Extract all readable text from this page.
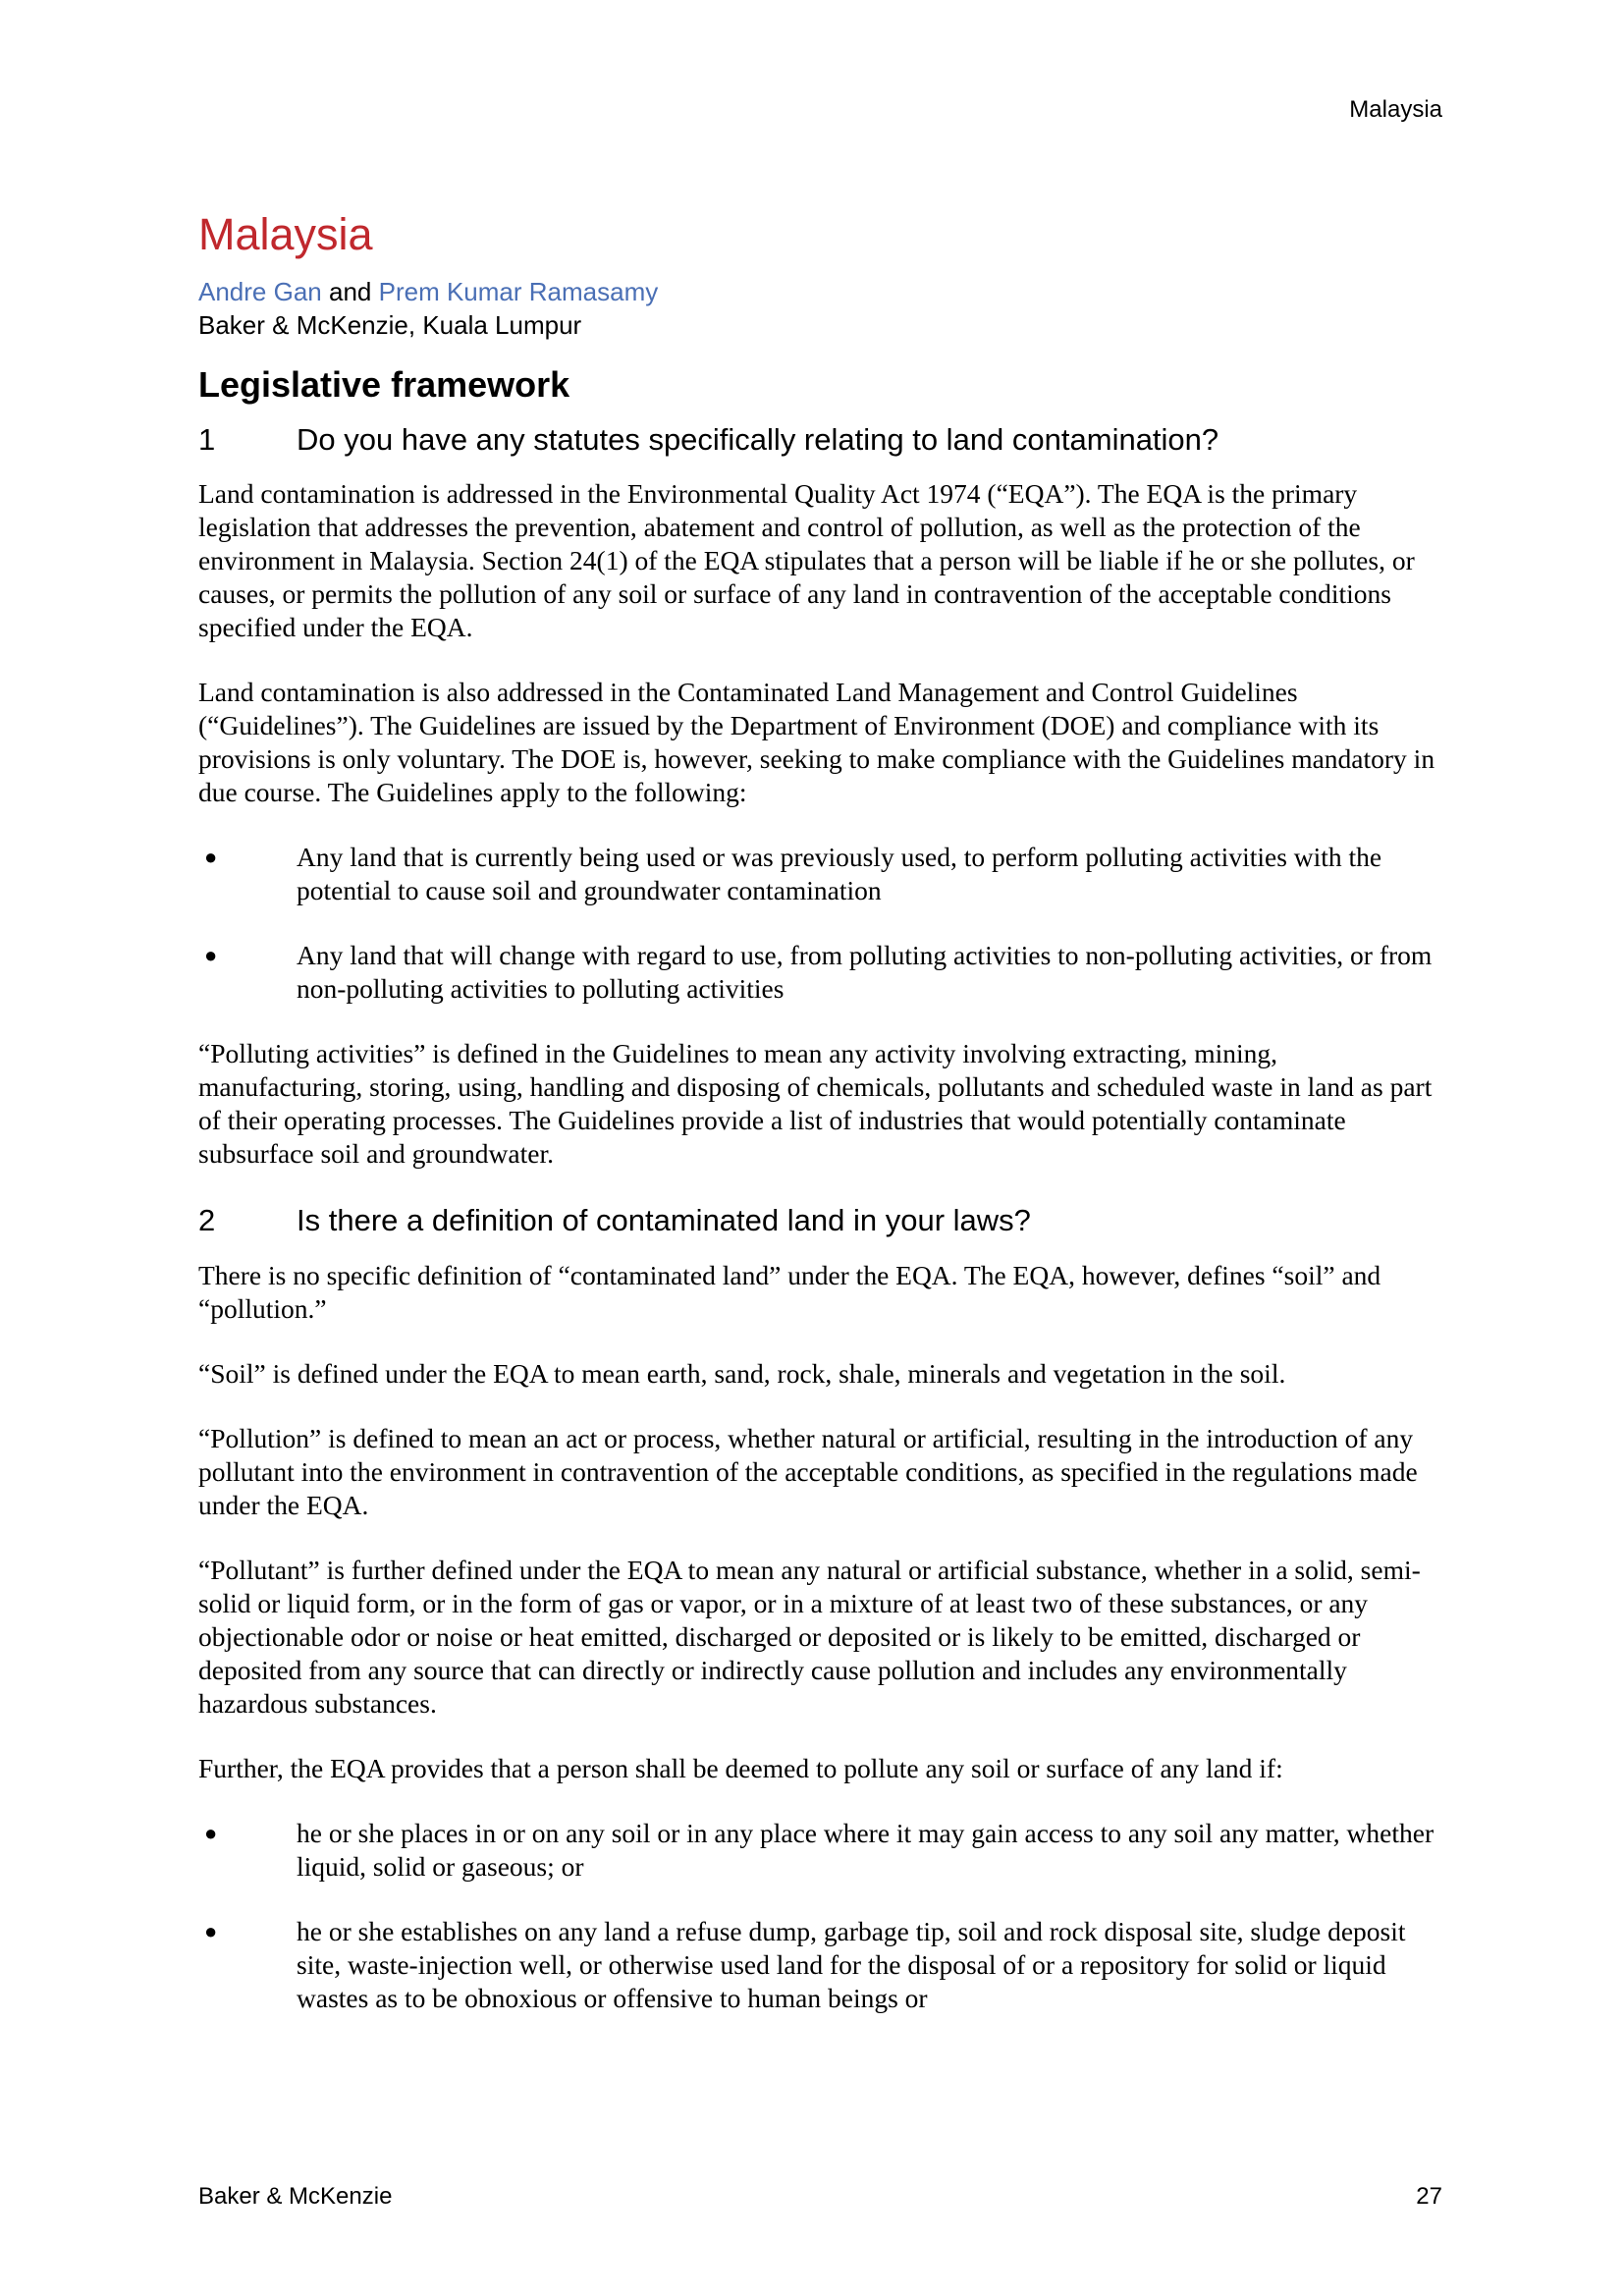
Malaysia
Malaysia
Andre Gan and Prem Kumar Ramasamy
Baker & McKenzie, Kuala Lumpur
Legislative framework
1	Do you have any statutes specifically relating to land contamination?

Land contamination is addressed in the Environmental Quality Act 1974 (“EQA”). The EQA is the primary legislation that addresses the prevention, abatement and control of pollution, as well as the protection of the environment in Malaysia. Section 24(1) of the EQA stipulates that a person will be liable if he or she pollutes, or causes, or permits the pollution of any soil or surface of any land in contravention of the acceptable conditions specified under the EQA.

Land contamination is also addressed in the Contaminated Land Management and Control Guidelines (“Guidelines”). The Guidelines are issued by the Department of Environment (DOE) and compliance with its provisions is only voluntary. The DOE is, however, seeking to make compliance with the Guidelines mandatory in due course. The Guidelines apply to the following:

●	Any land that is currently being used or was previously used, to perform polluting activities with the potential to cause soil and groundwater contamination
●	Any land that will change with regard to use, from polluting activities to non-polluting activities, or from non-polluting activities to polluting activities

“Polluting activities” is defined in the Guidelines to mean any activity involving extracting, mining, manufacturing, storing, using, handling and disposing of chemicals, pollutants and scheduled waste in land as part of their operating processes. The Guidelines provide a list of industries that would potentially contaminate subsurface soil and groundwater.

2	Is there a definition of contaminated land in your laws?

There is no specific definition of “contaminated land” under the EQA. The EQA, however, defines “soil” and “pollution.”

“Soil” is defined under the EQA to mean earth, sand, rock, shale, minerals and vegetation in the soil.

“Pollution” is defined to mean an act or process, whether natural or artificial, resulting in the introduction of any pollutant into the environment in contravention of the acceptable conditions, as specified in the regulations made under the EQA.

“Pollutant” is further defined under the EQA to mean any natural or artificial substance, whether in a solid, semi-solid or liquid form, or in the form of gas or vapor, or in a mixture of at least two of these substances, or any objectionable odor or noise or heat emitted, discharged or deposited or is likely to be emitted, discharged or deposited from any source that can directly or indirectly cause pollution and includes any environmentally hazardous substances.

Further, the EQA provides that a person shall be deemed to pollute any soil or surface of any land if:

●	he or she places in or on any soil or in any place where it may gain access to any soil any matter, whether liquid, solid or gaseous; or
●	he or she establishes on any land a refuse dump, garbage tip, soil and rock disposal site, sludge deposit site, waste-injection well, or otherwise used land for the disposal of or a repository for solid or liquid wastes as to be obnoxious or offensive to human beings or
Baker & McKenzie	27
